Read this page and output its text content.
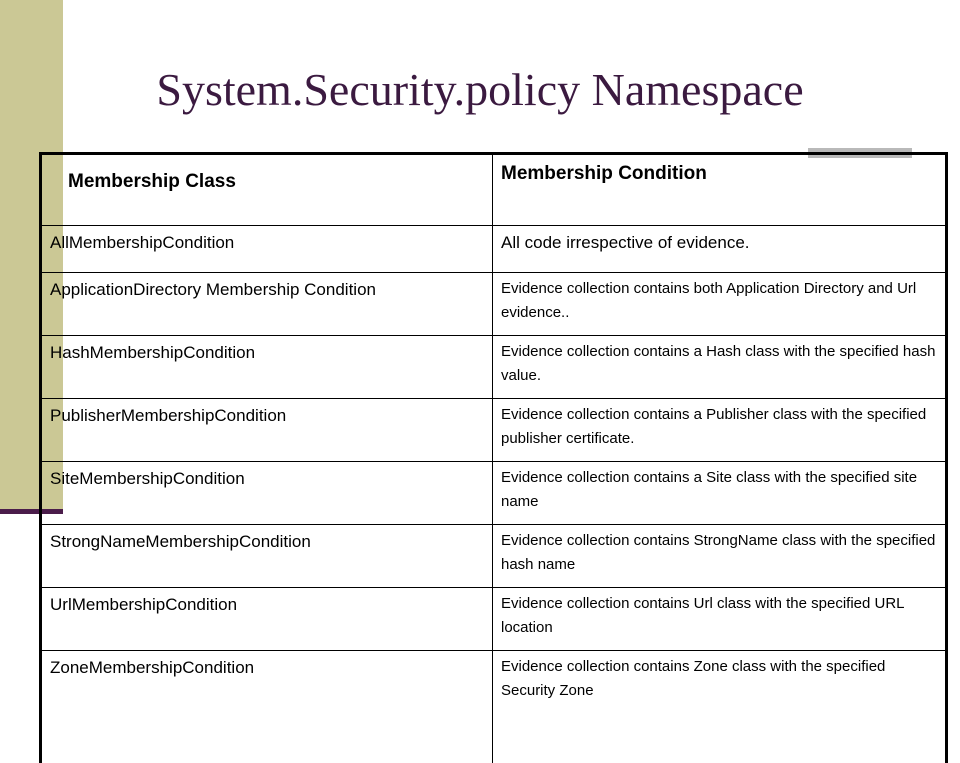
System.Security.policy Namespace
Membership Class	Membership Condition
AllMembershipCondition	All code irrespective of evidence.
ApplicationDirectory Membership Condition	Evidence collection contains both Application Directory and Url evidence..
HashMembershipCondition	Evidence collection contains a Hash class with the specified hash value.
PublisherMembershipCondition	Evidence collection contains a Publisher class with the specified publisher certificate.
SiteMembershipCondition	Evidence collection contains a Site class with the specified site name
StrongNameMembershipCondition	Evidence collection contains StrongName class with the specified hash name
UrlMembershipCondition	Evidence collection contains Url class with the specified URL location
ZoneMembershipCondition	Evidence collection contains Zone class with the specified Security Zone
